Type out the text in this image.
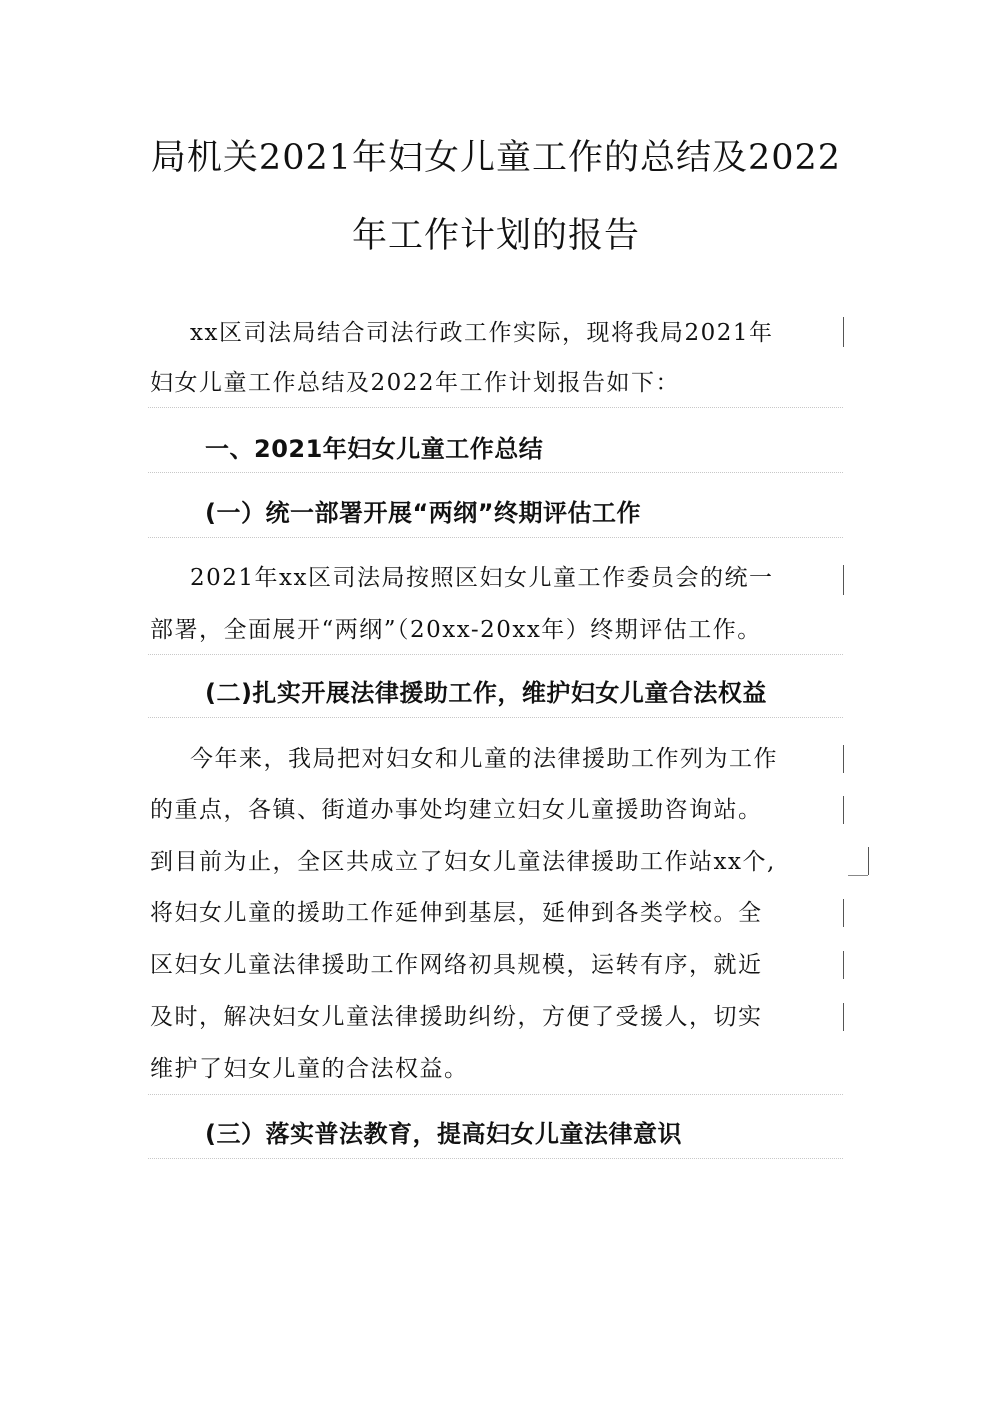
局机关2021年妇女儿童工作的总结及2022
年工作计划的报告
xx区司法局结合司法行政工作实际，现将我局2021年
妇女儿童工作总结及2022年工作计划报告如下：
一、2021年妇女儿童工作总结
(一）统一部署开展“两纲”终期评估工作
2021年xx区司法局按照区妇女儿童工作委员会的统一
部署，全面展开“两纲”（20xx-20xx年）终期评估工作。
(二)扎实开展法律援助工作，维护妇女儿童合法权益
今年来，我局把对妇女和儿童的法律援助工作列为工作
的重点，各镇、街道办事处均建立妇女儿童援助咨询站。
到目前为止，全区共成立了妇女儿童法律援助工作站xx个,
将妇女儿童的援助工作延伸到基层，延伸到各类学校。全
区妇女儿童法律援助工作网络初具规模，运转有序，就近
及时，解决妇女儿童法律援助纠纷，方便了受援人，切实
维护了妇女儿童的合法权益。
(三）落实普法教育，提高妇女儿童法律意识
